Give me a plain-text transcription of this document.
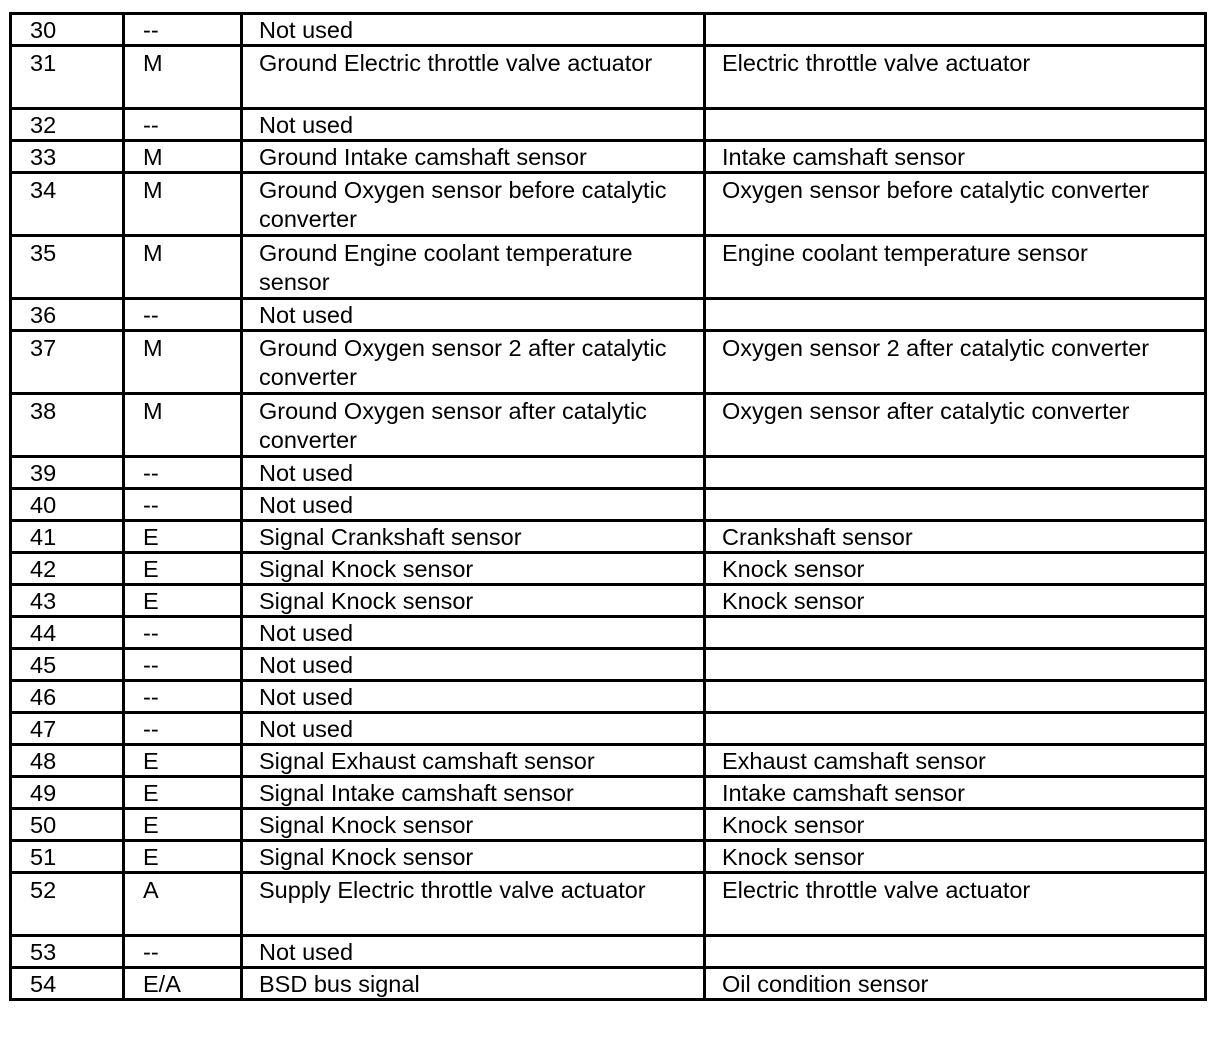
30	--	Not used	
31	M	Ground Electric throttle valve actuator	Electric throttle valve actuator
32	--	Not used	
33	M	Ground Intake camshaft sensor	Intake camshaft sensor
34	M	Ground Oxygen sensor before catalytic converter	Oxygen sensor before catalytic converter
35	M	Ground Engine coolant temperature sensor	Engine coolant temperature sensor
36	--	Not used	
37	M	Ground Oxygen sensor 2 after catalytic converter	Oxygen sensor 2 after catalytic converter
38	M	Ground Oxygen sensor after catalytic converter	Oxygen sensor after catalytic converter
39	--	Not used	
40	--	Not used	
41	E	Signal Crankshaft sensor	Crankshaft sensor
42	E	Signal Knock sensor	Knock sensor
43	E	Signal Knock sensor	Knock sensor
44	--	Not used	
45	--	Not used	
46	--	Not used	
47	--	Not used	
48	E	Signal Exhaust camshaft sensor	Exhaust camshaft sensor
49	E	Signal Intake camshaft sensor	Intake camshaft sensor
50	E	Signal Knock sensor	Knock sensor
51	E	Signal Knock sensor	Knock sensor
52	A	Supply Electric throttle valve actuator	Electric throttle valve actuator
53	--	Not used	
54	E/A	BSD bus signal	Oil condition sensor
